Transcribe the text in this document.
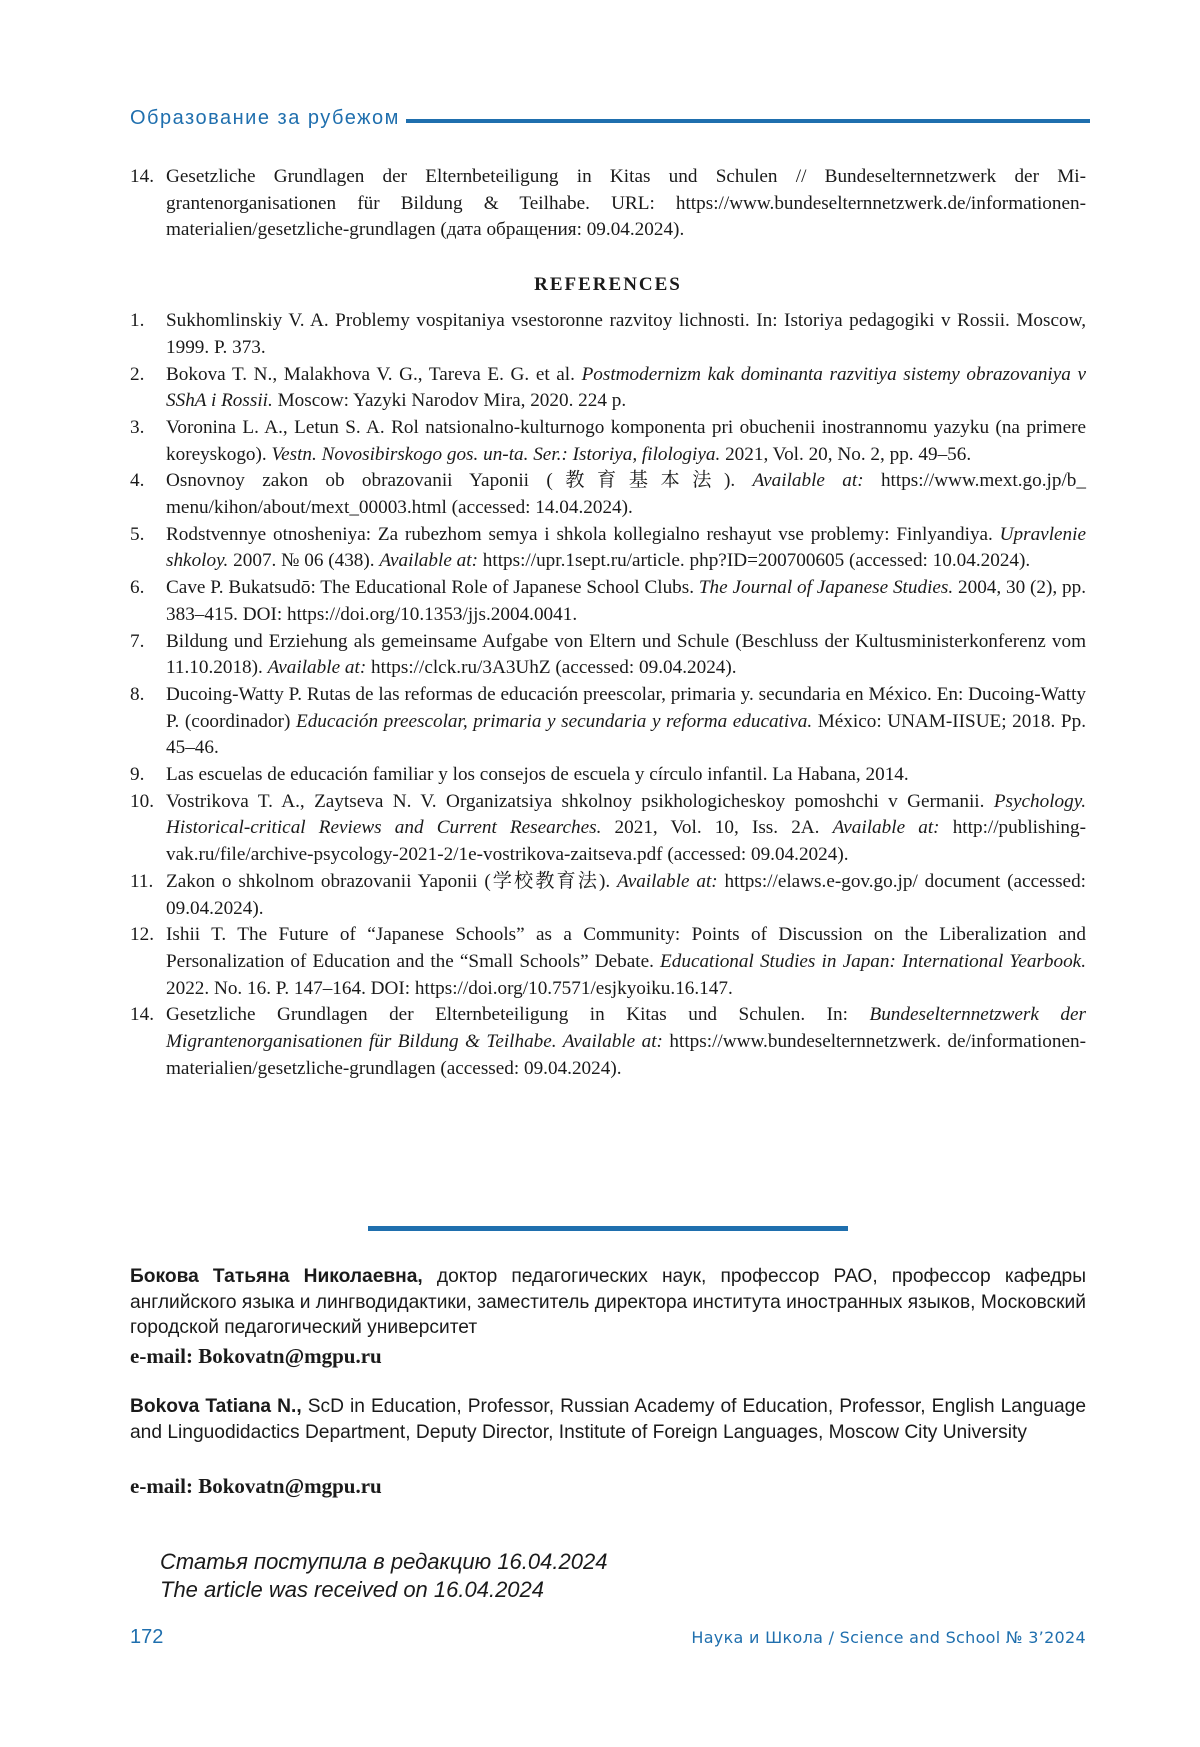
Образование за рубежом
14. Gesetzliche Grundlagen der Elternbeteiligung in Kitas und Schulen // Bundeselternnetzwerk der Migrantenorganisationen für Bildung & Teilhabe. URL: https://www.bundeselternnetzwerk.de/informationen-materialien/gesetzliche-grundlagen (дата обращения: 09.04.2024).
REFERENCES
1.	Sukhomlinskiy V. A. Problemy vospitaniya vsestoronne razvitoy lichnosti. In: Istoriya pedagogiki v Rossii. Moscow, 1999. P. 373.
2.	Bokova T. N., Malakhova V. G., Tareva E. G. et al. Postmodernizm kak dominanta razvitiya sistemy obrazovaniya v SShA i Rossii. Moscow: Yazyki Narodov Mira, 2020. 224 p.
3.	Voronina L. A., Letun S. A. Rol natsionalno-kulturnogo komponenta pri obuchenii inostrannomu yazyku (na primere koreyskogo). Vestn. Novosibirskogo gos. un-ta. Ser.: Istoriya, filologiya. 2021, Vol. 20, No. 2, pp. 49–56.
4.	Osnovnoy zakon ob obrazovanii Yaponii (教育基本法). Available at: https://www.mext.go.jp/b_ menu/kihon/about/mext_00003.html (accessed: 14.04.2024).
5.	Rodstvennye otnosheniya: Za rubezhom semya i shkola kollegialno reshayut vse problemy: Finlyandiya. Upravlenie shkoloy. 2007. № 06 (438). Available at: https://upr.1sept.ru/article. php?ID=200700605 (accessed: 10.04.2024).
6.	Cave P. Bukatsudō: The Educational Role of Japanese School Clubs. The Journal of Japanese Studies. 2004, 30 (2), pp. 383–415. DOI: https://doi.org/10.1353/jjs.2004.0041.
7.	Bildung und Erziehung als gemeinsame Aufgabe von Eltern und Schule (Beschluss der Kultusministerkonferenz vom 11.10.2018). Available at: https://clck.ru/3A3UhZ (accessed: 09.04.2024).
8.	Ducoing-Watty P. Rutas de las reformas de educación preescolar, primaria y. secundaria en México. En: Ducoing-Watty P. (coordinador) Educación preescolar, primaria y secundaria y reforma educativa. México: UNAM-IISUE; 2018. Pp. 45–46.
9.	Las escuelas de educación familiar y los consejos de escuela y círculo infantil. La Habana, 2014.
10. Vostrikova T. A., Zaytseva N. V. Organizatsiya shkolnoy psikhologicheskoy pomoshchi v Germanii. Psychology. Historical-critical Reviews and Current Researches. 2021, Vol. 10, Iss. 2A. Available at: http://publishing-vak.ru/file/archive-psycology-2021-2/1e-vostrikova-zaitseva.pdf (accessed: 09.04.2024).
11. Zakon o shkolnom obrazovanii Yaponii (学校教育法). Available at: https://elaws.e-gov.go.jp/ document (accessed: 09.04.2024).
12. Ishii T. The Future of “Japanese Schools” as a Community: Points of Discussion on the Liberalization and Personalization of Education and the “Small Schools” Debate. Educational Studies in Japan: International Yearbook. 2022. No. 16. P. 147–164. DOI: https://doi.org/10.7571/esjkyoiku.16.147.
14. Gesetzliche Grundlagen der Elternbeteiligung in Kitas und Schulen. In: Bundeselternnetzwerk der Migrantenorganisationen für Bildung & Teilhabe. Available at: https://www.bundeselternnetzwerk. de/informationen-materialien/gesetzliche-grundlagen (accessed: 09.04.2024).
Бокова Татьяна Николаевна, доктор педагогических наук, профессор РАО, профессор кафедры английского языка и лингводидактики, заместитель директора института иностранных языков, Московский городской педагогический университет
e-mail: Bokovatn@mgpu.ru
Bokova Tatiana N., ScD in Education, Professor, Russian Academy of Education, Professor, English Language and Linguodidactics Department, Deputy Director, Institute of Foreign Languages, Moscow City University
e-mail: Bokovatn@mgpu.ru
Статья поступила в редакцию 16.04.2024
The article was received on 16.04.2024
172	Наука и Школа / Science and School № 3’2024
